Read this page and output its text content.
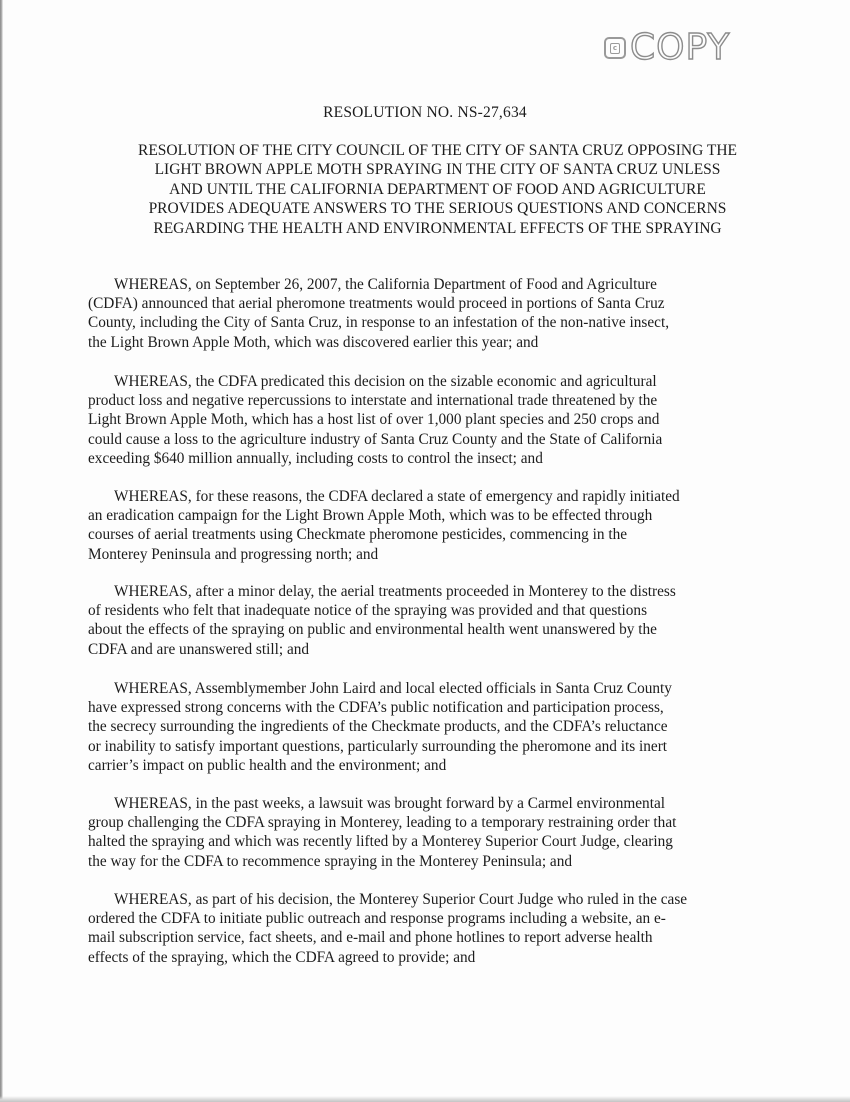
c COPY
RESOLUTION NO. NS-27,634
RESOLUTION OF THE CITY COUNCIL OF THE CITY OF SANTA CRUZ OPPOSING THE
LIGHT BROWN APPLE MOTH SPRAYING IN THE CITY OF SANTA CRUZ UNLESS
AND UNTIL THE CALIFORNIA DEPARTMENT OF FOOD AND AGRICULTURE
PROVIDES ADEQUATE ANSWERS TO THE SERIOUS QUESTIONS AND CONCERNS
REGARDING THE HEALTH AND ENVIRONMENTAL EFFECTS OF THE SPRAYING
WHEREAS, on September 26, 2007, the California Department of Food and Agriculture
(CDFA) announced that aerial pheromone treatments would proceed in portions of Santa Cruz
County, including the City of Santa Cruz, in response to an infestation of the non-native insect,
the Light Brown Apple Moth, which was discovered earlier this year; and
WHEREAS, the CDFA predicated this decision on the sizable economic and agricultural
product loss and negative repercussions to interstate and international trade threatened by the
Light Brown Apple Moth, which has a host list of over 1,000 plant species and 250 crops and
could cause a loss to the agriculture industry of Santa Cruz County and the State of California
exceeding $640 million annually, including costs to control the insect; and
WHEREAS, for these reasons, the CDFA declared a state of emergency and rapidly initiated
an eradication campaign for the Light Brown Apple Moth, which was to be effected through
courses of aerial treatments using Checkmate pheromone pesticides, commencing in the
Monterey Peninsula and progressing north; and
WHEREAS, after a minor delay, the aerial treatments proceeded in Monterey to the distress
of residents who felt that inadequate notice of the spraying was provided and that questions
about the effects of the spraying on public and environmental health went unanswered by the
CDFA and are unanswered still; and
WHEREAS, Assemblymember John Laird and local elected officials in Santa Cruz County
have expressed strong concerns with the CDFA’s public notification and participation process,
the secrecy surrounding the ingredients of the Checkmate products, and the CDFA’s reluctance
or inability to satisfy important questions, particularly surrounding the pheromone and its inert
carrier’s impact on public health and the environment; and
WHEREAS, in the past weeks, a lawsuit was brought forward by a Carmel environmental
group challenging the CDFA spraying in Monterey, leading to a temporary restraining order that
halted the spraying and which was recently lifted by a Monterey Superior Court Judge, clearing
the way for the CDFA to recommence spraying in the Monterey Peninsula; and
WHEREAS, as part of his decision, the Monterey Superior Court Judge who ruled in the case
ordered the CDFA to initiate public outreach and response programs including a website, an e-
mail subscription service, fact sheets, and e-mail and phone hotlines to report adverse health
effects of the spraying, which the CDFA agreed to provide; and
